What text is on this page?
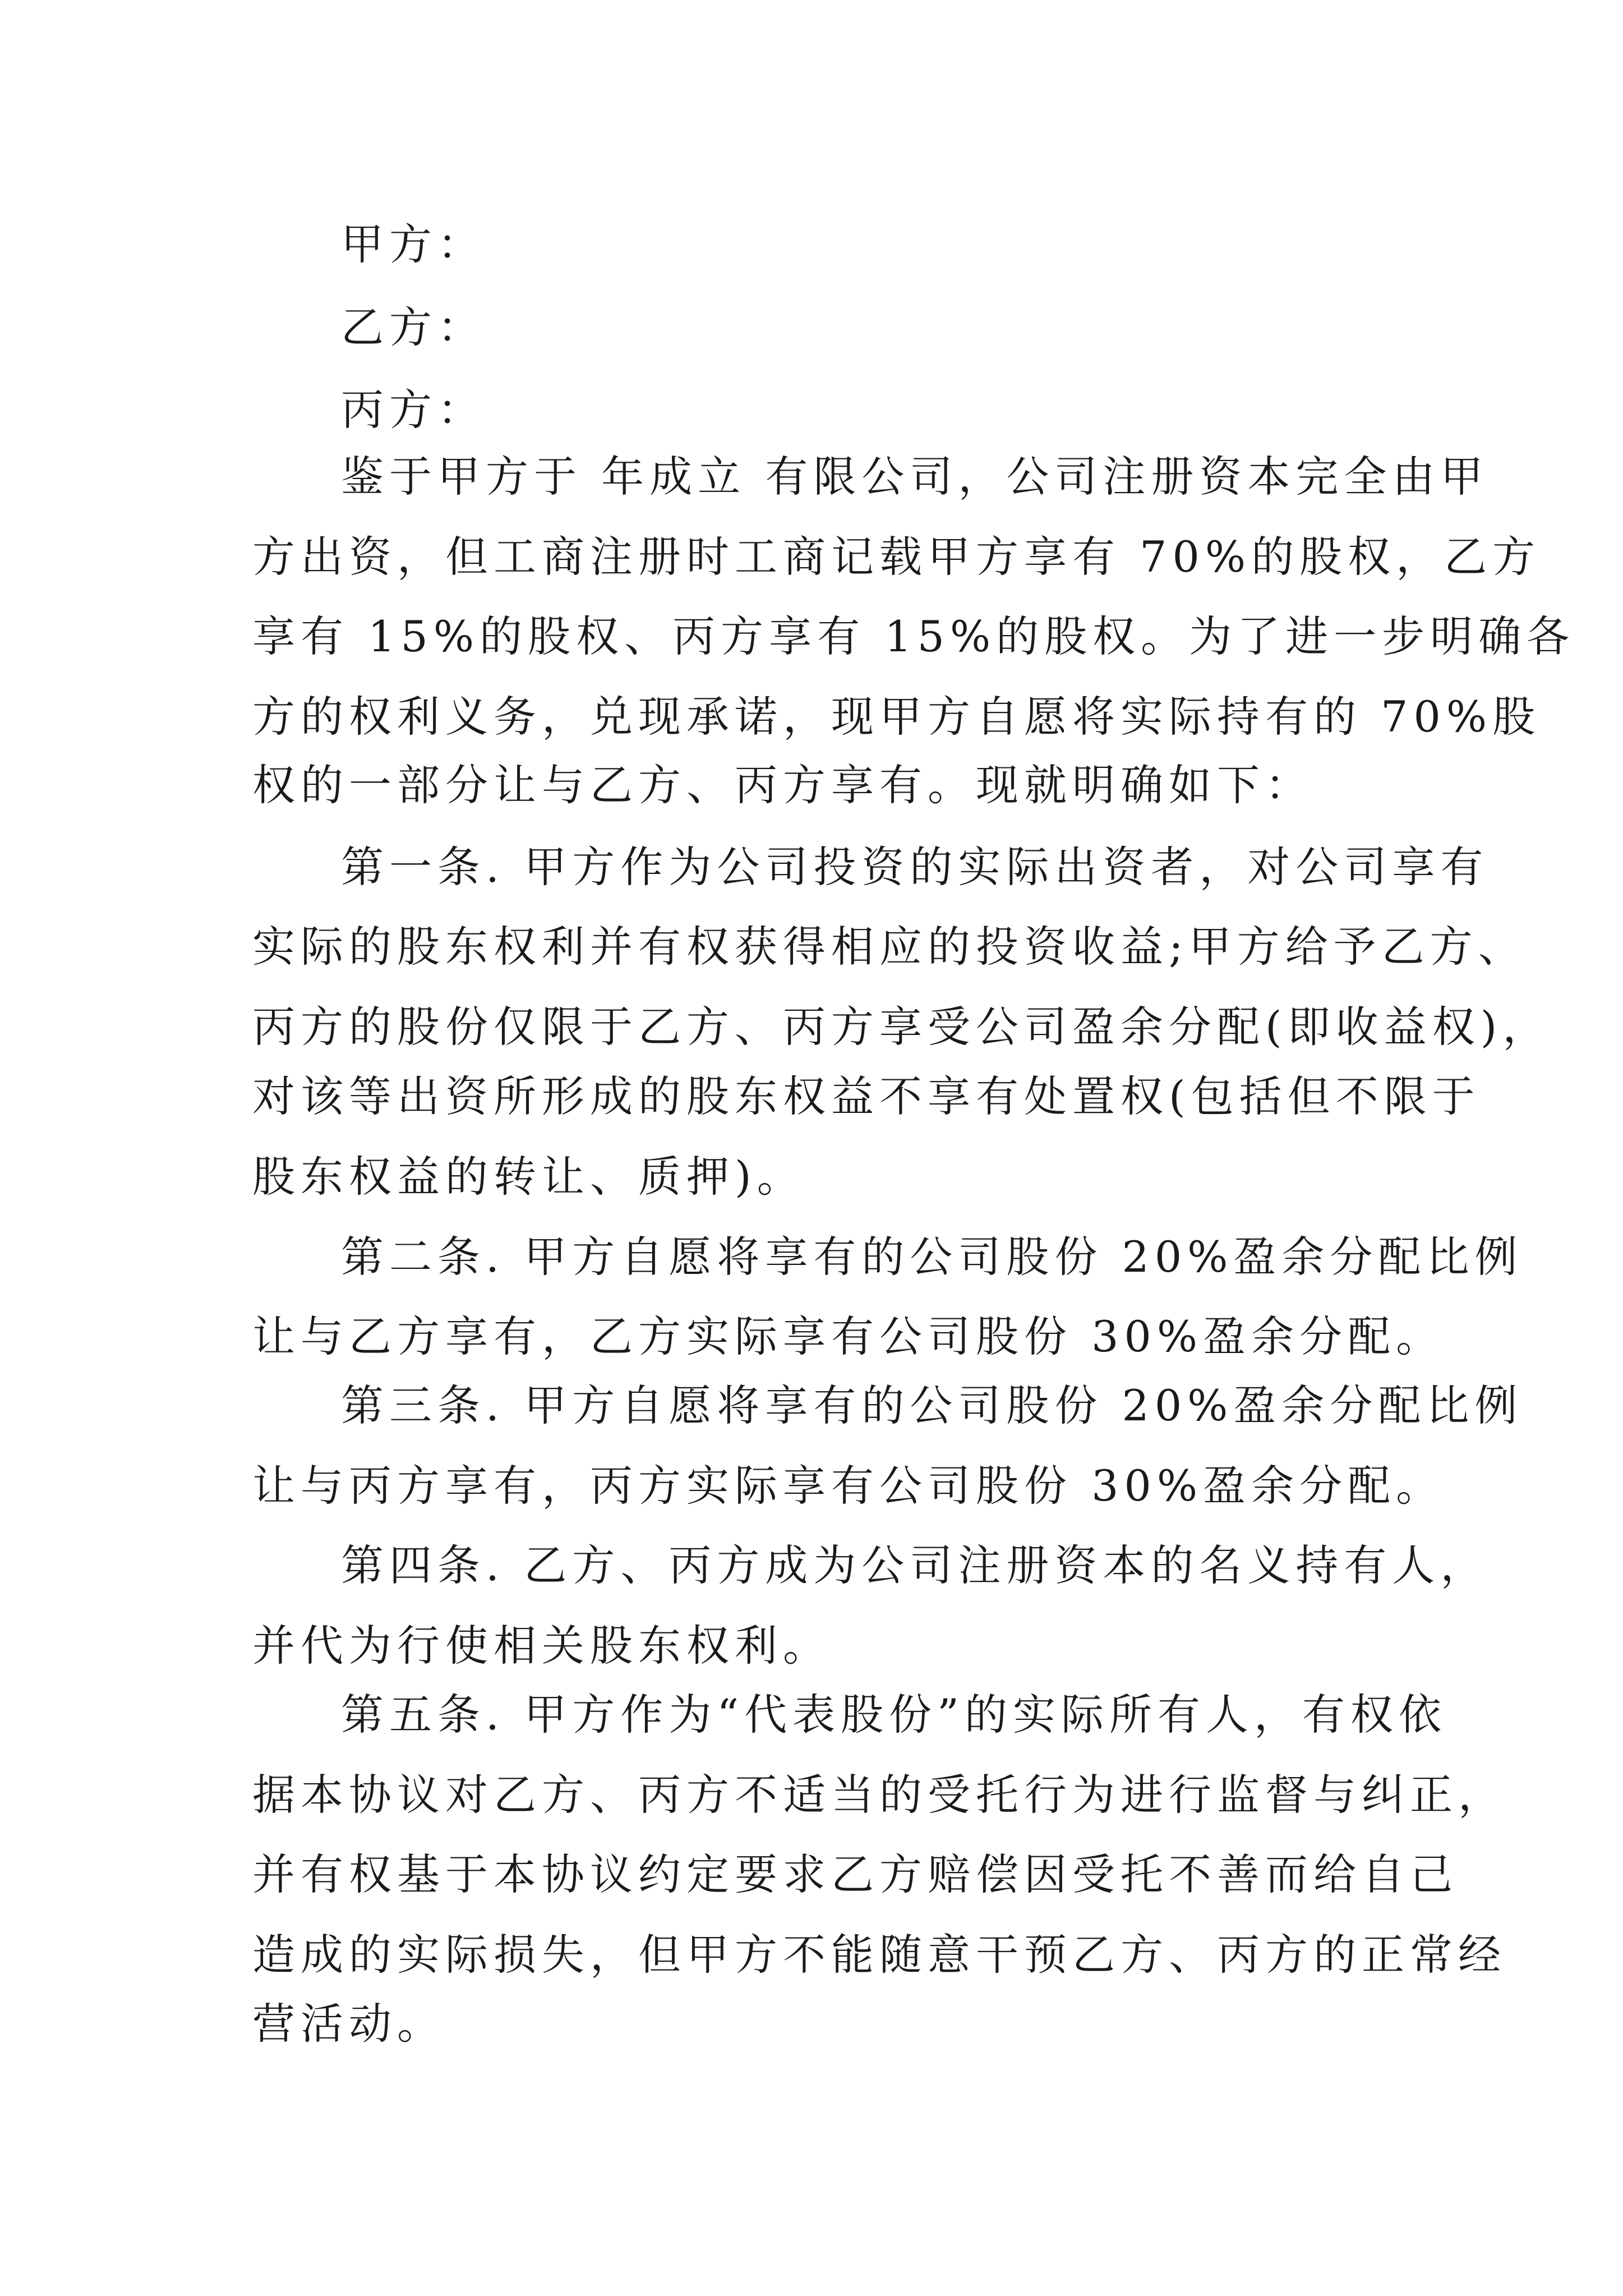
甲方：
乙方：
丙方：
鉴于甲方于 年成立 有限公司，公司注册资本完全由甲
方出资，但工商注册时工商记载甲方享有 70%的股权，乙方
享有 15%的股权、丙方享有 15%的股权。为了进一步明确各
方的权利义务，兑现承诺，现甲方自愿将实际持有的 70%股
权的一部分让与乙方、丙方享有。现就明确如下：
第一条. 甲方作为公司投资的实际出资者，对公司享有
实际的股东权利并有权获得相应的投资收益;甲方给予乙方、
丙方的股份仅限于乙方、丙方享受公司盈余分配(即收益权)，
对该等出资所形成的股东权益不享有处置权(包括但不限于
股东权益的转让、质押)。
第二条. 甲方自愿将享有的公司股份 20%盈余分配比例
让与乙方享有，乙方实际享有公司股份 30%盈余分配。
第三条. 甲方自愿将享有的公司股份 20%盈余分配比例
让与丙方享有，丙方实际享有公司股份 30%盈余分配。
第四条. 乙方、丙方成为公司注册资本的名义持有人，
并代为行使相关股东权利。
第五条. 甲方作为“代表股份”的实际所有人，有权依
据本协议对乙方、丙方不适当的受托行为进行监督与纠正，
并有权基于本协议约定要求乙方赔偿因受托不善而给自己
造成的实际损失，但甲方不能随意干预乙方、丙方的正常经
营活动。
